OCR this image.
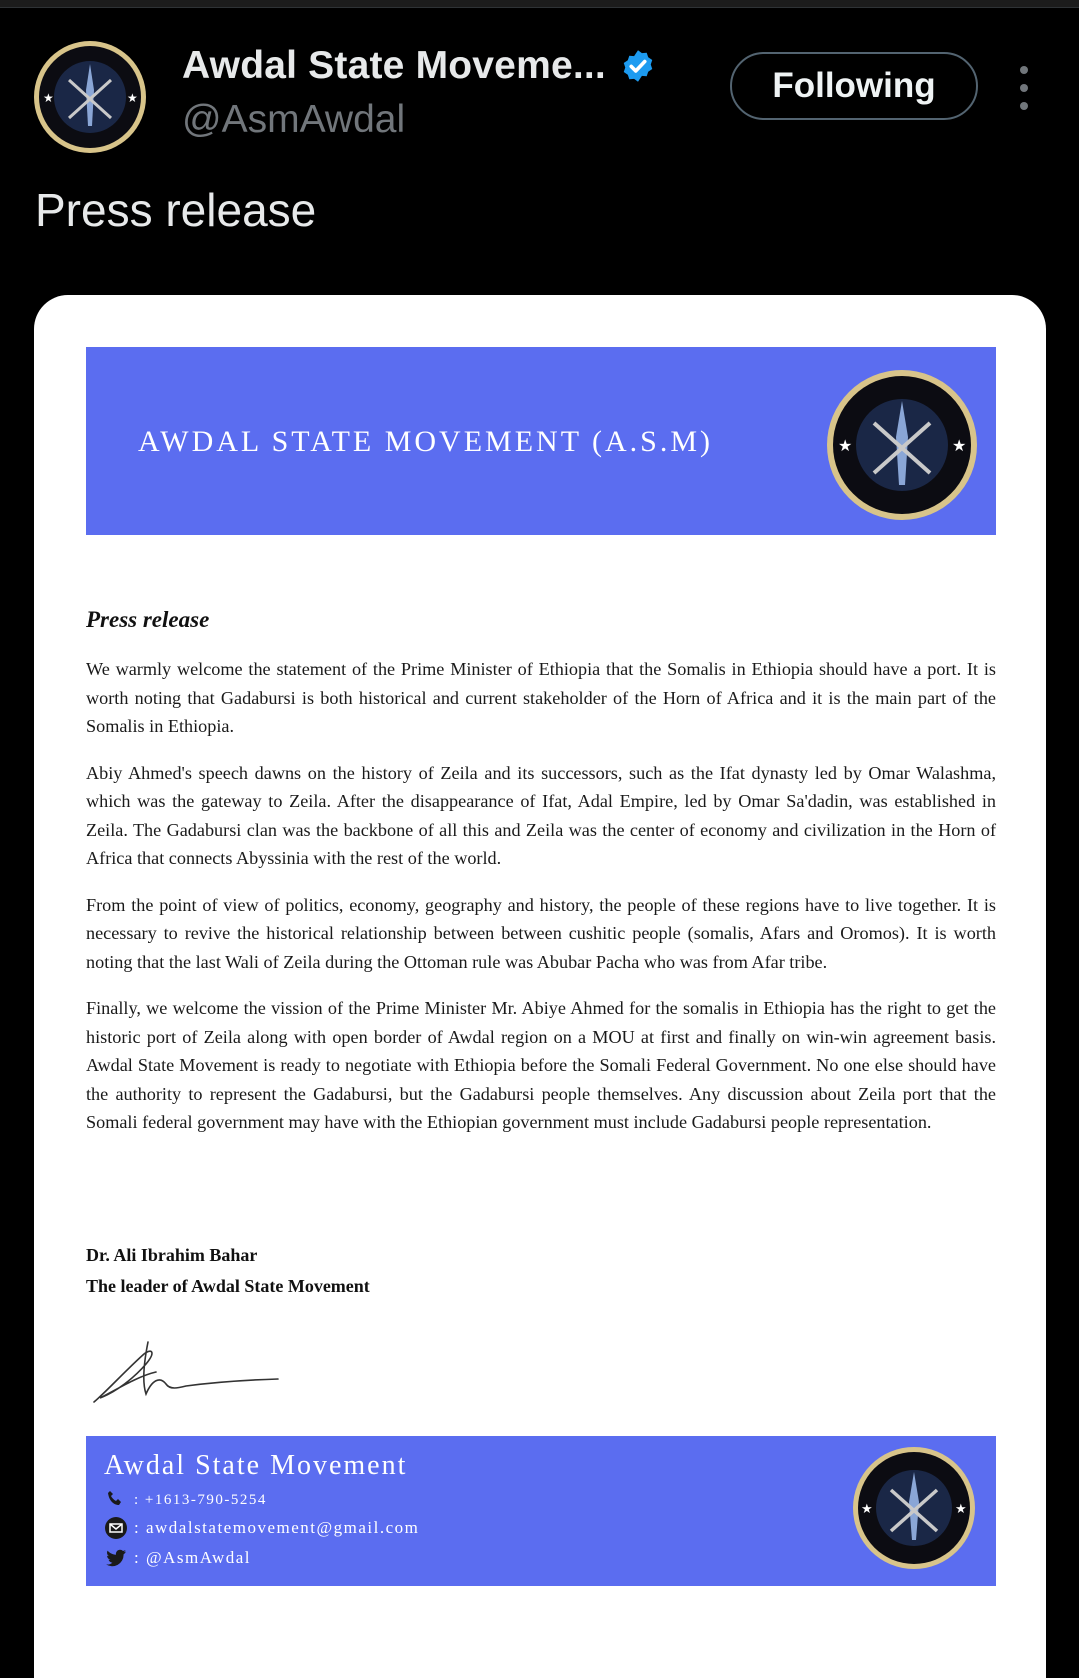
★	★
Awdal State Moveme...
@AsmAwdal
Following
Press release
AWDAL STATE MOVEMENT (A.S.M)	★	★
Press release

We warmly welcome the statement of the Prime Minister of Ethiopia that the Somalis in Ethiopia should have a port. It is worth noting that Gadabursi is both historical and current stakeholder of the Horn of Africa and it is the main part of the Somalis in Ethiopia.

Abiy Ahmed's speech dawns on the history of Zeila and its successors, such as the Ifat dynasty led by Omar Walashma, which was the gateway to Zeila. After the disappearance of Ifat, Adal Empire, led by Omar Sa'dadin, was established in Zeila. The Gadabursi clan was the backbone of all this and Zeila was the center of economy and civilization in the Horn of Africa that connects Abyssinia with the rest of the world.

From the point of view of politics, economy, geography and history, the people of these regions have to live together. It is necessary to revive the historical relationship between between cushitic people (somalis, Afars and Oromos). It is worth noting that the last Wali of Zeila during the Ottoman rule was Abubar Pacha who was from Afar tribe.

Finally, we welcome the vission of the Prime Minister Mr. Abiye Ahmed for the somalis in Ethiopia has the right to get the historic port of Zeila along with open border of Awdal region on a MOU at first and finally on win-win agreement basis. Awdal State Movement is ready to negotiate with Ethiopia before the Somali Federal Government. No one else should have the authority to represent the Gadabursi, but the Gadabursi people themselves. Any discussion about Zeila port that the Somali federal government may have with the Ethiopian government must include Gadabursi people representation.

Dr. Ali Ibrahim Bahar
The leader of Awdal State Movement
Awdal State Movement
: +1613-790-5254
: awdalstatemovement@gmail.com
: @AsmAwdal
★	★
